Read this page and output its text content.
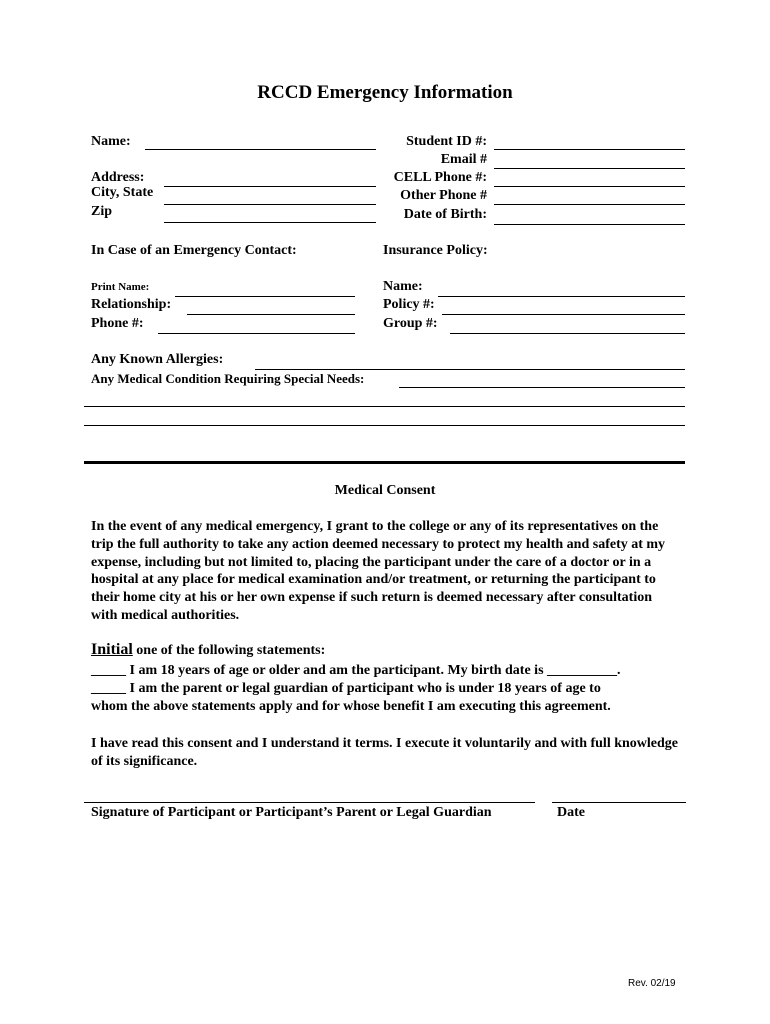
RCCD Emergency Information
Name:
Address:
City, State
Zip
Student ID #:
Email #
CELL Phone #:
Other Phone #
Date of Birth:
In Case of an Emergency Contact:	Insurance Policy:
Print Name:
Relationship:
Phone #:
Name:
Policy #:
Group #:
Any Known Allergies:
Any Medical Condition Requiring Special Needs:
Medical Consent
In the event of any medical emergency, I grant to the college or any of its representatives on the trip the full authority to take any action deemed necessary to protect my health and safety at my expense, including but not limited to, placing the participant under the care of a doctor or in a hospital at any place for medical examination and/or treatment, or returning the participant to their home city at his or her own expense if such return is deemed necessary after consultation with medical authorities.
Initial one of the following statements:
_____ I am 18 years of age or older and am the participant. My birth date is __________.
_____ I am the parent or legal guardian of participant who is under 18 years of age to
whom the above statements apply and for whose benefit I am executing this agreement.
I have read this consent and I understand it terms. I execute it voluntarily and with full knowledge of its significance.
Signature of Participant or Participant’s Parent or Legal Guardian	Date
Rev. 02/19
